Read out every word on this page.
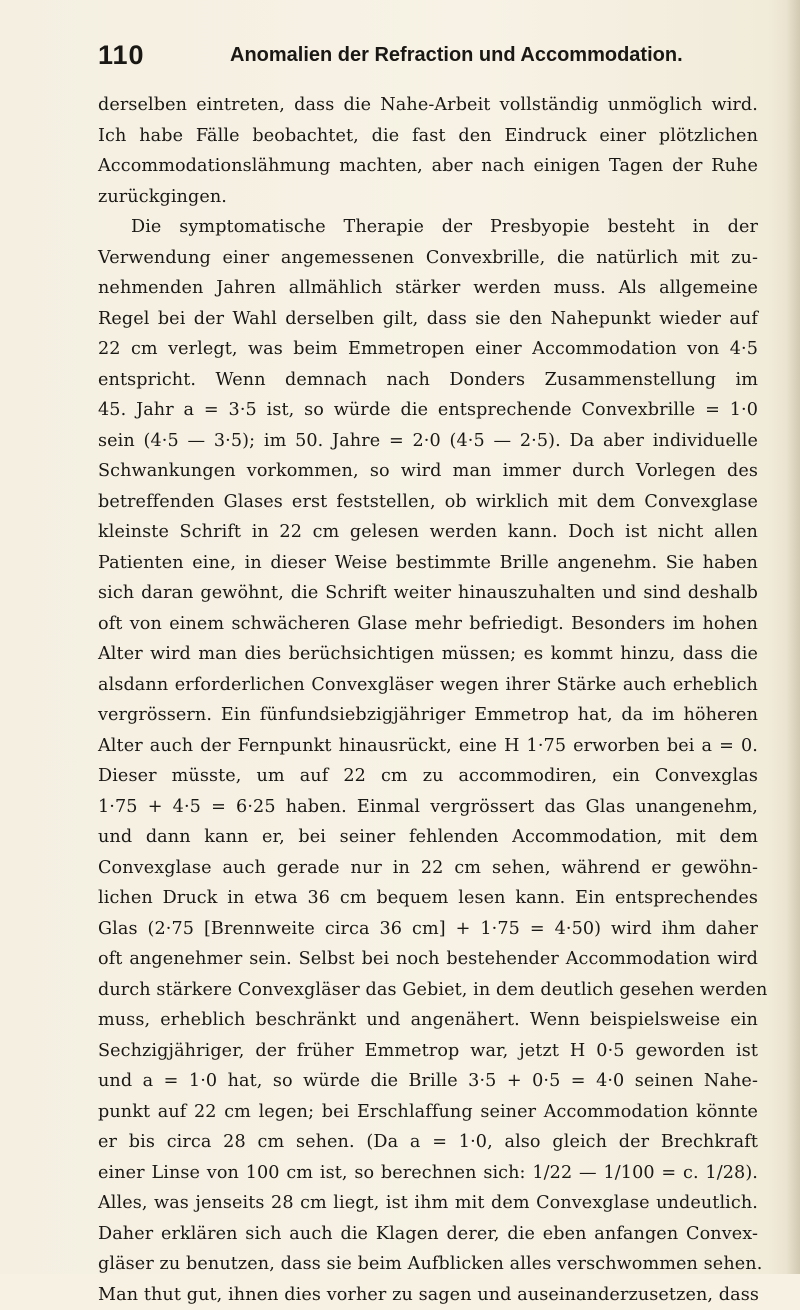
110	Anomalien der Refraction und Accommodation.
derselben eintreten, dass die Nahe-Arbeit vollständig unmöglich wird.
Ich habe Fälle beobachtet, die fast den Eindruck einer plötzlichen
Accommodationslähmung machten, aber nach einigen Tagen der Ruhe
zurückgingen.
Die symptomatische Therapie der Presbyopie besteht in der
Verwendung einer angemessenen Convexbrille, die natürlich mit zu-
nehmenden Jahren allmählich stärker werden muss. Als allgemeine
Regel bei der Wahl derselben gilt, dass sie den Nahepunkt wieder auf
22 cm verlegt, was beim Emmetropen einer Accommodation von 4·5
entspricht. Wenn demnach nach Donders Zusammenstellung im
45. Jahr a = 3·5 ist, so würde die entsprechende Convexbrille = 1·0
sein (4·5 — 3·5); im 50. Jahre = 2·0 (4·5 — 2·5). Da aber individuelle
Schwankungen vorkommen, so wird man immer durch Vorlegen des
betreffenden Glases erst feststellen, ob wirklich mit dem Convexglase
kleinste Schrift in 22 cm gelesen werden kann. Doch ist nicht allen
Patienten eine, in dieser Weise bestimmte Brille angenehm. Sie haben
sich daran gewöhnt, die Schrift weiter hinauszuhalten und sind deshalb
oft von einem schwächeren Glase mehr befriedigt. Besonders im hohen
Alter wird man dies berüchsichtigen müssen; es kommt hinzu, dass die
alsdann erforderlichen Convexgläser wegen ihrer Stärke auch erheblich
vergrössern. Ein fünfundsiebzigjähriger Emmetrop hat, da im höheren
Alter auch der Fernpunkt hinausrückt, eine H 1·75 erworben bei a = 0.
Dieser müsste, um auf 22 cm zu accommodiren, ein Convexglas
1·75 + 4·5 = 6·25 haben. Einmal vergrössert das Glas unangenehm,
und dann kann er, bei seiner fehlenden Accommodation, mit dem
Convexglase auch gerade nur in 22 cm sehen, während er gewöhn-
lichen Druck in etwa 36 cm bequem lesen kann. Ein entsprechendes
Glas (2·75 [Brennweite circa 36 cm] + 1·75 = 4·50) wird ihm daher
oft angenehmer sein. Selbst bei noch bestehender Accommodation wird
durch stärkere Convexgläser das Gebiet, in dem deutlich gesehen werden
muss, erheblich beschränkt und angenähert. Wenn beispielsweise ein
Sechzigjähriger, der früher Emmetrop war, jetzt H 0·5 geworden ist
und a = 1·0 hat, so würde die Brille 3·5 + 0·5 = 4·0 seinen Nahe-
punkt auf 22 cm legen; bei Erschlaffung seiner Accommodation könnte
er bis circa 28 cm sehen. (Da a = 1·0, also gleich der Brechkraft
einer Linse von 100 cm ist, so berechnen sich: 1/22 — 1/100 = c. 1/28).
Alles, was jenseits 28 cm liegt, ist ihm mit dem Convexglase undeutlich.
Daher erklären sich auch die Klagen derer, die eben anfangen Convex-
gläser zu benutzen, dass sie beim Aufblicken alles verschwommen sehen.
Man thut gut, ihnen dies vorher zu sagen und auseinanderzusetzen, dass
